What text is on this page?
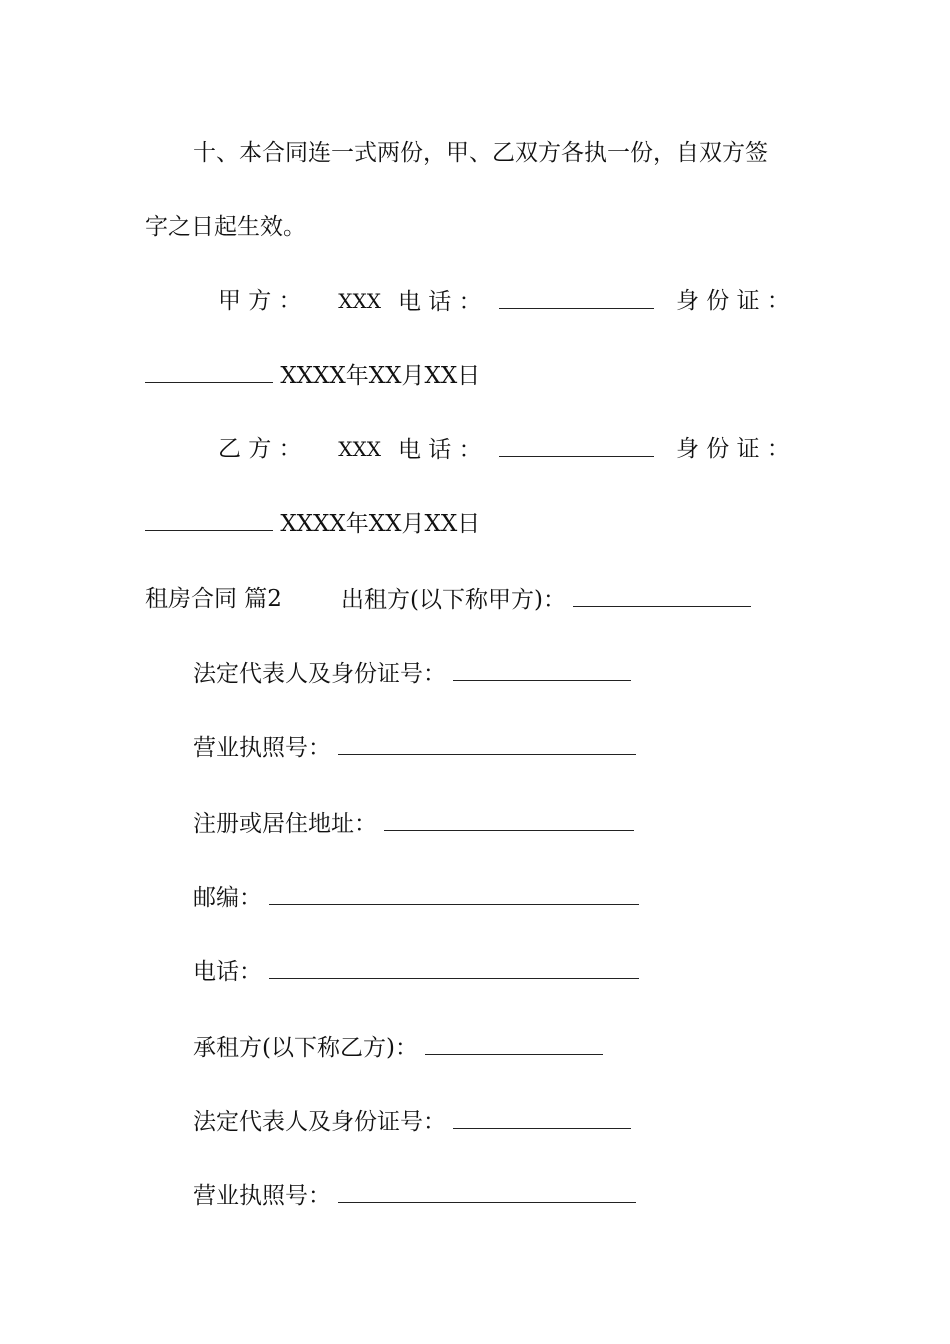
十、本合同连一式两份，甲、乙双方各执一份，自双方签
字之日起生效。
甲 方 ： XXX 电 话 ：	身 份 证 ：
XXXX年XX月XX日
乙 方 ： XXX 电 话 ：	身 份 证 ：
XXXX年XX月XX日
租房合同 篇2	出租方(以下称甲方)：
法定代表人及身份证号：
营业执照号：
注册或居住地址：
邮编：
电话：
承租方(以下称乙方)：
法定代表人及身份证号：
营业执照号：
